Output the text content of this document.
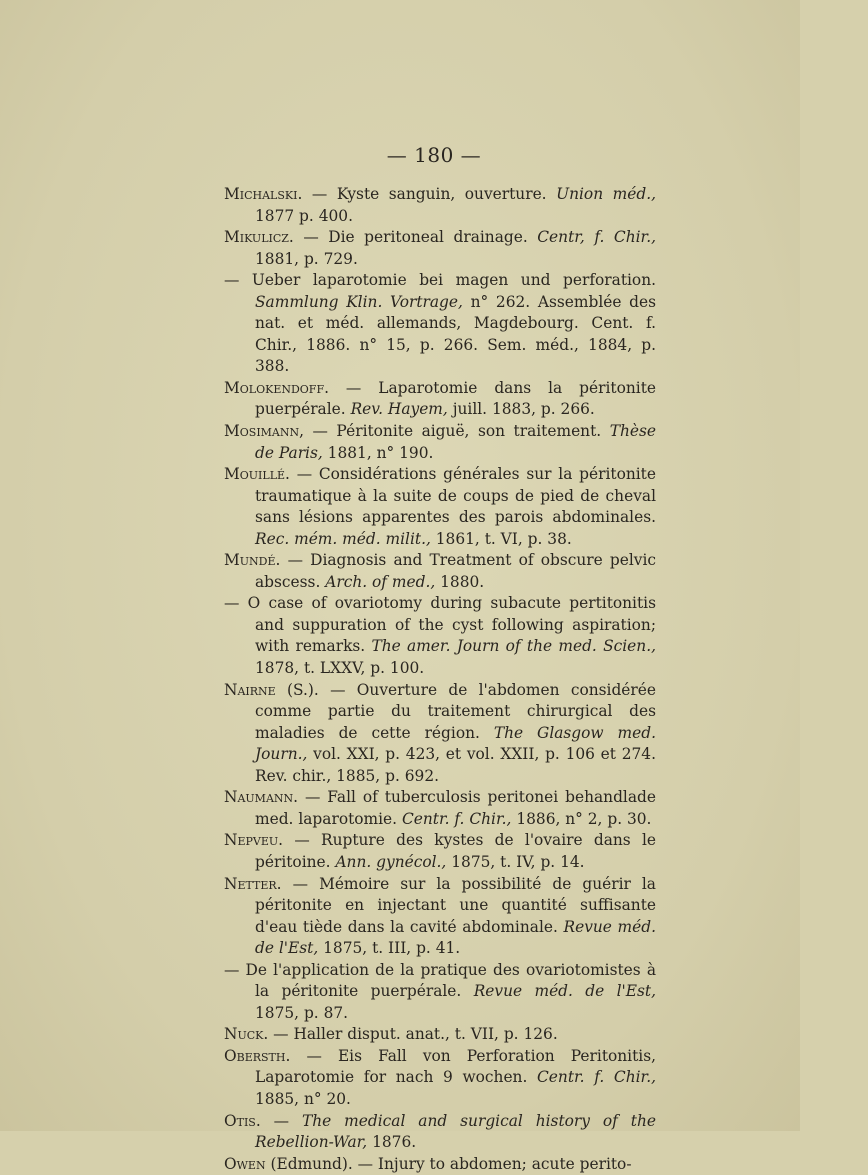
— 180 —
Michalski. — Kyste sanguin, ouverture. Union méd., 1877 p. 400.
Mikulicz. — Die peritoneal drainage. Centr, f. Chir., 1881, p. 729.
— Ueber laparotomie bei magen und perforation. Sammlung Klin. Vortrage, n° 262. Assemblée des nat. et méd. allemands, Magdebourg. Cent. f. Chir., 1886. n° 15, p. 266. Sem. méd., 1884, p. 388.
Molokendoff. — Laparotomie dans la péritonite puerpérale. Rev. Hayem, juill. 1883, p. 266.
Mosimann, — Péritonite aiguë, son traitement. Thèse de Paris, 1881, n° 190.
Mouillé. — Considérations générales sur la péritonite traumatique à la suite de coups de pied de cheval sans lésions apparentes des parois abdominales. Rec. mém. méd. milit., 1861, t. VI, p. 38.
Mundé. — Diagnosis and Treatment of obscure pelvic abscess. Arch. of med., 1880.
— O case of ovariotomy during subacute pertitonitis and suppuration of the cyst following aspiration; with remarks. The amer. Journ of the med. Scien., 1878, t. LXXV, p. 100.
Nairne (S.). — Ouverture de l'abdomen considérée comme partie du traitement chirurgical des maladies de cette région. The Glasgow med. Journ., vol. XXI, p. 423, et vol. XXII, p. 106 et 274. Rev. chir., 1885, p. 692.
Naumann. — Fall of tuberculosis peritonei behandlade med. laparotomie. Centr. f. Chir., 1886, n° 2, p. 30.
Nepveu. — Rupture des kystes de l'ovaire dans le péritoine. Ann. gynécol., 1875, t. IV, p. 14.
Netter. — Mémoire sur la possibilité de guérir la péritonite en injectant une quantité suffisante d'eau tiède dans la cavité abdominale. Revue méd. de l'Est, 1875, t. III, p. 41.
— De l'application de la pratique des ovariotomistes à la péritonite puerpérale. Revue méd. de l'Est, 1875, p. 87.
Nuck. — Haller disput. anat., t. VII, p. 126.
Obersth. — Eis Fall von Perforation Peritonitis, Laparotomie for nach 9 wochen. Centr. f. Chir., 1885, n° 20.
Otis. — The medical and surgical history of the Rebellion-War, 1876.
Owen (Edmund). — Injury to abdomen; acute perito-
